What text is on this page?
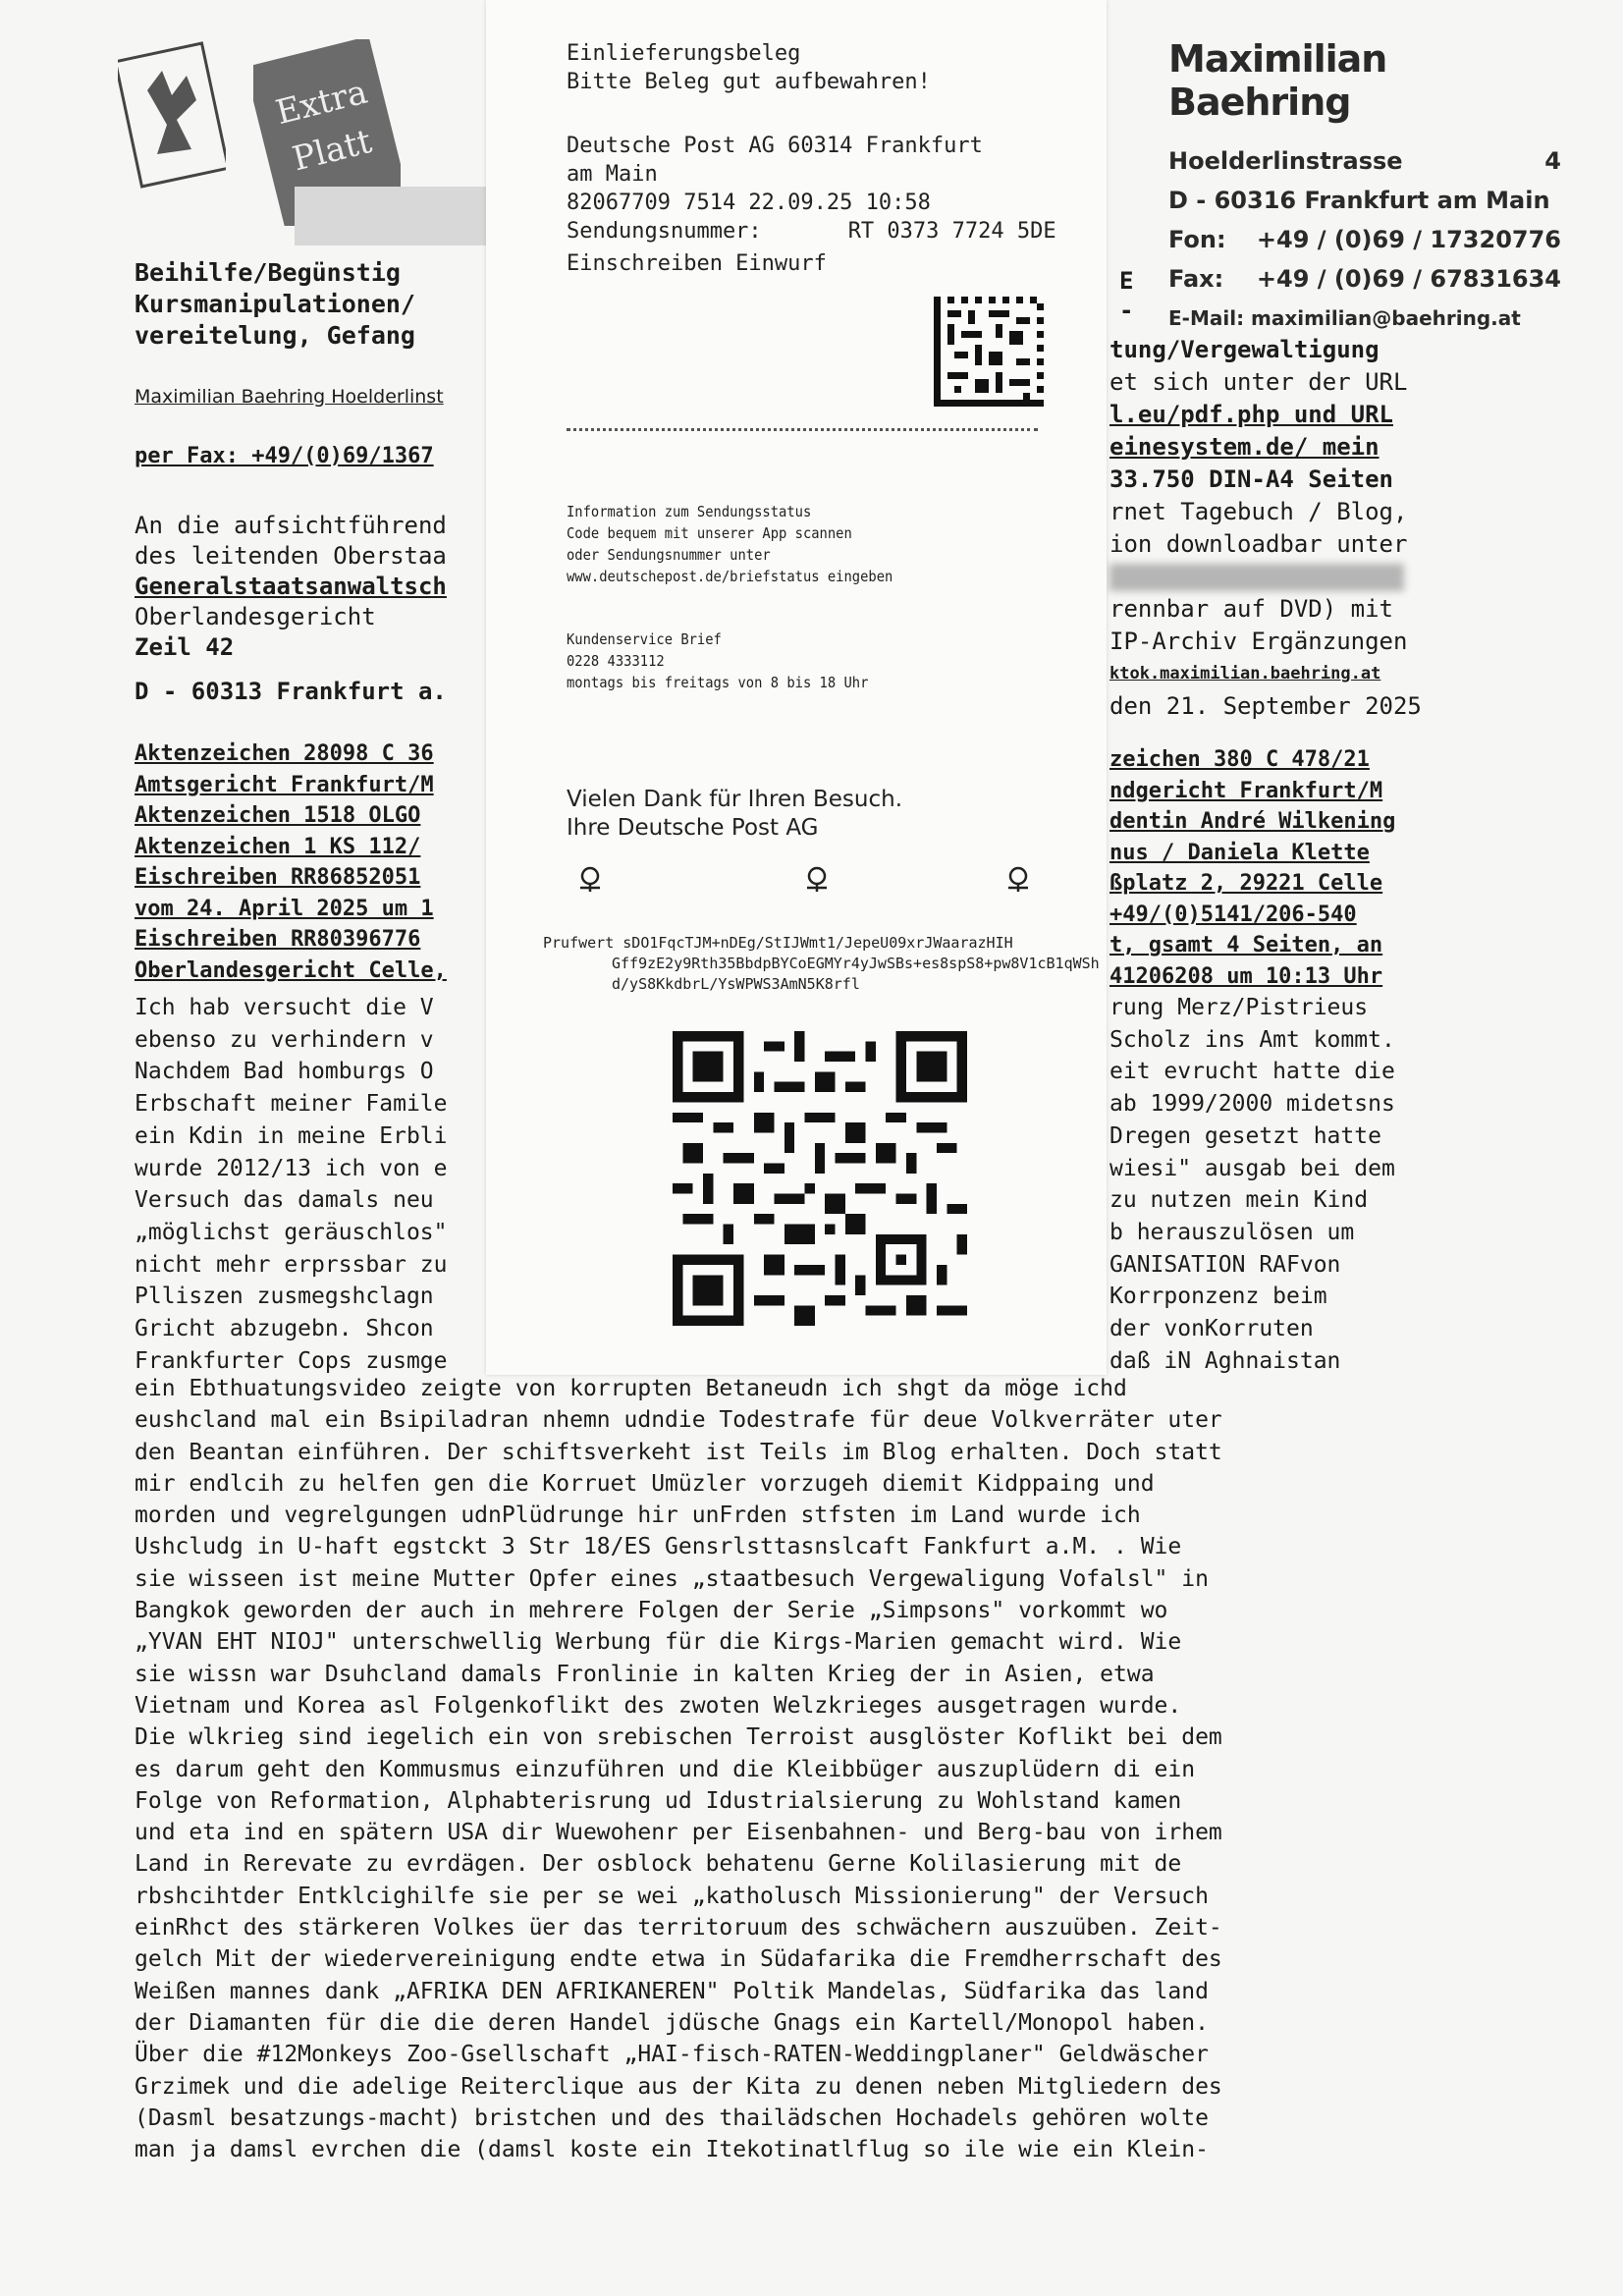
Extra
Platt
Maximilian Baehring
Hoelderlinstrasse	4
D - 60316 Frankfurt am Main
Fon: +49 / (0)69 / 17320776
Fax: +49 / (0)69 / 67831634
E-Mail: maximilian@baehring.at
Beihilfe/Begünstig
Kursmanipulationen/
vereitelung, Gefang
Maximilian Baehring Hoelderlinst
per Fax: +49/(0)69/1367
An die aufsichtführend
des leitenden Oberstaa
Generalstaatsanwaltsch
Oberlandesgericht
Zeil 42
D - 60313 Frankfurt a.
Aktenzeichen 28098 C 36
Amtsgericht Frankfurt/M
Aktenzeichen 1518 OLGO
Aktenzeichen 1 KS 112/
Eischreiben RR86852051
vom 24. April 2025 um 1
Eischreiben RR80396776
Oberlandesgericht Celle,
E
-
tung/Vergewaltigung
et sich unter der URL
l.eu/pdf.php und URL
einesystem.de/ mein
33.750 DIN-A4 Seiten
rnet Tagebuch / Blog,
ion downloadbar unter
rennbar auf DVD) mit
IP-Archiv Ergänzungen
ktok.maximilian.baehring.at
den 21. September 2025
zeichen 380 C 478/21
ndgericht Frankfurt/M
dentin André Wilkening
nus / Daniela Klette
ßplatz 2, 29221 Celle
+49/(0)5141/206-540
t, gsamt 4 Seiten, an
41206208 um 10:13 Uhr
Ich hab versucht die V
ebenso zu verhindern v
Nachdem Bad homburgs O
Erbschaft meiner Famile
ein Kdin in meine Erbli
wurde 2012/13 ich von e
Versuch das damals neu
„möglichst geräuschlos"
nicht mehr erprssbar zu
Plliszen zusmegshclagn
Gricht abzugebn. Shcon
Frankfurter Cops zusmge
rung Merz/Pistrieus
Scholz ins Amt kommt.
eit evrucht hatte die
ab 1999/2000 midetsns
Dregen gesetzt hatte
wiesi" ausgab bei dem
zu nutzen mein Kind
b herauszulösen um
GANISATION RAFvon
Korrponzenz beim
der vonKorruten
daß iN Aghnaistan
ein Ebthuatungsvideo zeigte von korrupten Betaneudn ich shgt da möge ichd
eushcland mal ein Bsipiladran nhemn udndie Todestrafe für deue Volkverräter uter
den Beantan einführen. Der schiftsverkeht ist Teils im Blog erhalten. Doch statt
mir endlcih zu helfen gen die Korruet Umüzler vorzugeh diemit Kidppaing und
morden und vegrelgungen udnPlüdrunge hir unFrden stfsten im Land wurde ich
Ushcludg in U-haft egstckt 3 Str 18/ES Gensrlsttasnslcaft Fankfurt a.M. . Wie
sie wisseen ist meine Mutter Opfer eines „staatbesuch Vergewaligung Vofalsl" in
Bangkok geworden der auch in mehrere Folgen der Serie „Simpsons" vorkommt wo
„YVAN EHT NIOJ" unterschwellig Werbung für die Kirgs-Marien gemacht wird. Wie
sie wissn war Dsuhcland damals Fronlinie in kalten Krieg der in Asien, etwa
Vietnam und Korea asl Folgenkoflikt des zwoten Welzkrieges ausgetragen wurde.
Die wlkrieg sind iegelich ein von srebischen Terroist ausglöster Koflikt bei dem
es darum geht den Kommusmus einzuführen und die Kleibbüger auszuplüdern di ein
Folge von Reformation, Alphabterisrung ud Idustrialsierung zu Wohlstand kamen
und eta ind en spätern USA dir Wuewohenr per Eisenbahnen- und Berg-bau von irhem
Land in Rerevate zu evrdägen. Der osblock behatenu Gerne Kolilasierung mit de
rbshcihtder Entklcighilfe sie per se wei „katholusch Missionierung" der Versuch
einRhct des stärkeren Volkes üer das territoruum des schwächern auszuüben. Zeit-
gelch Mit der wiedervereinigung endte etwa in Südafarika die Fremdherrschaft des
Weißen mannes dank „AFRIKA DEN AFRIKANEREN" Poltik Mandelas, Südfarika das land
der Diamanten für die die deren Handel jdüsche Gnags ein Kartell/Monopol haben.
Über die #12Monkeys Zoo-Gsellschaft „HAI-fisch-RATEN-Weddingplaner" Geldwäscher
Grzimek und die adelige Reiterclique aus der Kita zu denen neben Mitgliedern des
(Dasml besatzungs-macht) bristchen und des thailädschen Hochadels gehören wolte
man ja damsl evrchen die (damsl koste ein Itekotinatlflug so ile wie ein Klein-
Einlieferungsbeleg
Bitte Beleg gut aufbewahren!
Deutsche Post AG 60314 Frankfurt
am Main
82067709 7514 22.09.25 10:58
Sendungsnummer:	RT 0373 7724 5DE
Einschreiben Einwurf
Information zum Sendungsstatus
Code bequem mit unserer App scannen
oder Sendungsnummer unter
www.deutschepost.de/briefstatus eingeben
Kundenservice Brief
0228 4333112
montags bis freitags von 8 bis 18 Uhr
Vielen Dank für Ihren Besuch.
Ihre Deutsche Post AG
Prufwert sDO1FqcTJM+nDEg/StIJWmt1/JepeU09xrJWaarazHIH
Gff9zE2y9Rth35BbdpBYCoEGMYr4yJwSBs+es8spS8+pw8V1cB1qWSh
d/yS8KkdbrL/YsWPWS3AmN5K8rfl
